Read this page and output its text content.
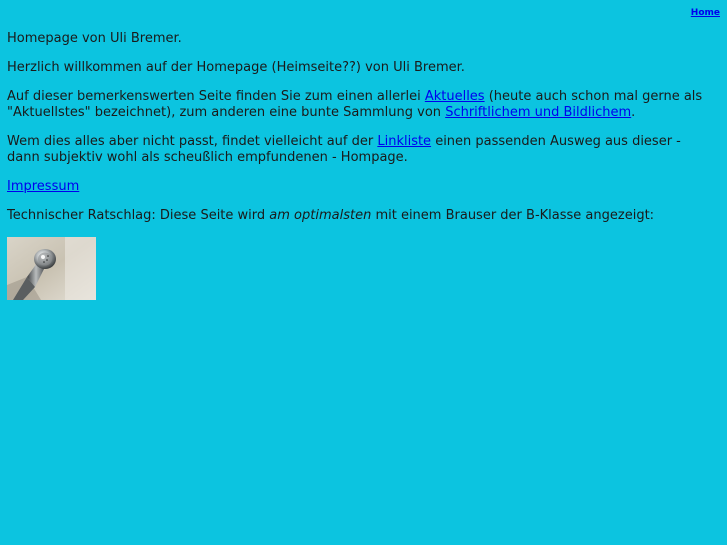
Home

Homepage von Uli Bremer.

Herzlich willkommen auf der Homepage (Heimseite??) von Uli Bremer.

Auf dieser bemerkenswerten Seite finden Sie zum einen allerlei Aktuelles (heute auch schon mal gerne als "Aktuellstes" bezeichnet), zum anderen eine bunte Sammlung von Schriftlichem und Bildlichem.

Wem dies alles aber nicht passt, findet vielleicht auf der Linkliste einen passenden Ausweg aus dieser - dann subjektiv wohl als scheußlich empfundenen - Hompage.

Impressum

Technischer Ratschlag: Diese Seite wird am optimalsten mit einem Brauser der B-Klasse angezeigt:
